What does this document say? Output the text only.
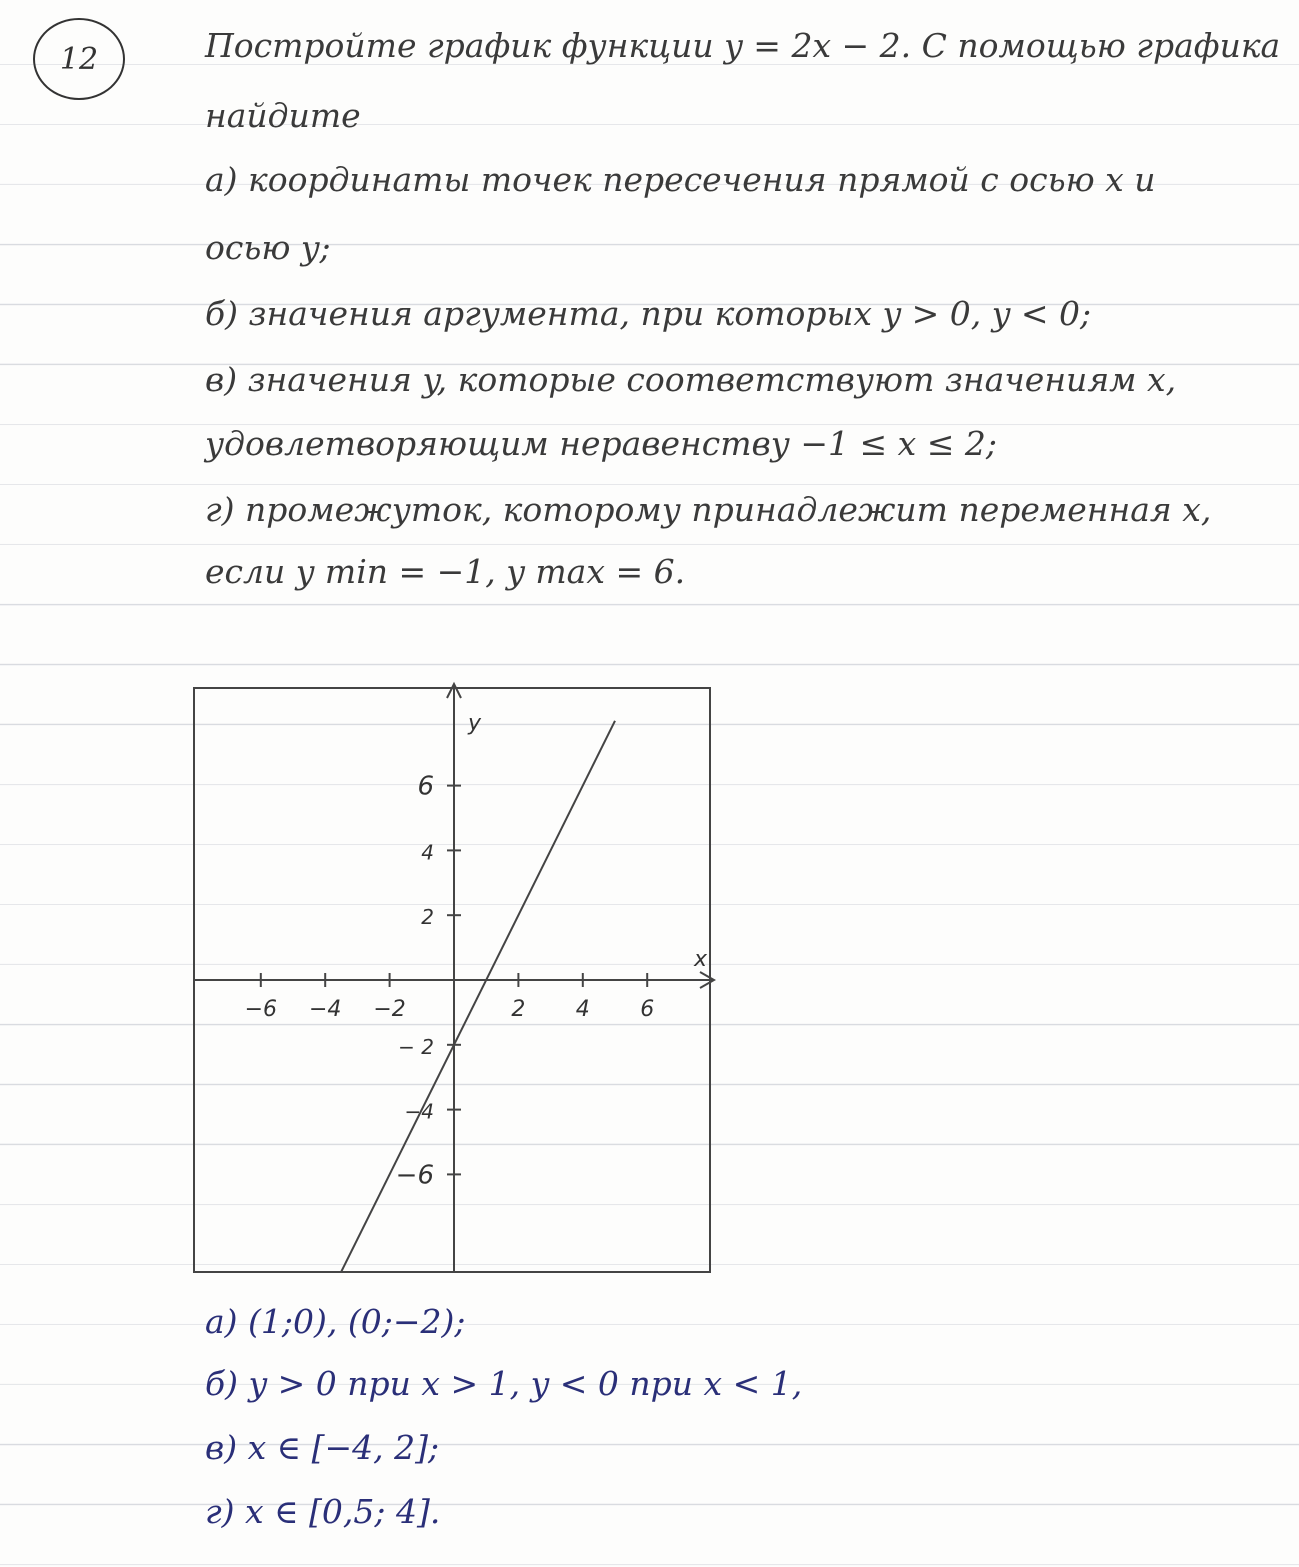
12	Постройте график функции y = 2x − 2. С помощью графика
найдите
а) координаты точек пересечения прямой с осью x и
осью y;
б) значения аргумента, при которых y > 0, y < 0;
в) значения y, которые соответствуют значениям x,
удовлетворяющим неравенству −1 ≤ x ≤ 2;
г) промежуток, которому принадлежит переменная x,
если y min = −1, y max = 6.
x
y
−6 −4 −2	2 4 6
6
4
2
− 2
−4
−6
а) (1;0), (0;−2);
б) y > 0 при x > 1, y < 0 при x < 1,
в) x ∈ [−4, 2];
г) x ∈ [0,5; 4].
